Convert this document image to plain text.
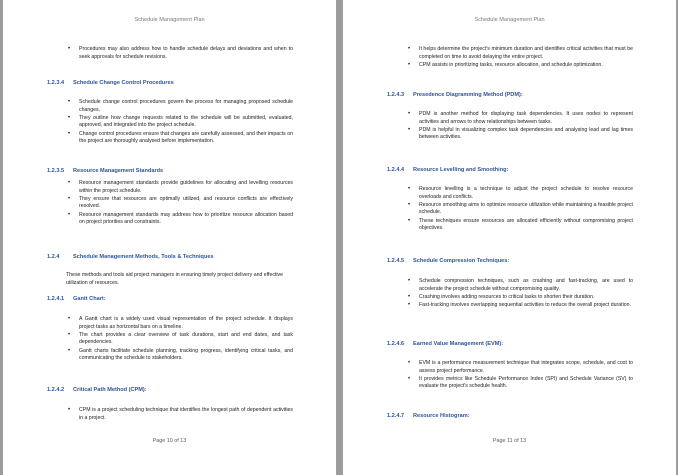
Schedule Management Plan
• Procedures may also address how to handle schedule delays and deviations and when to seek approvals for schedule revisions.
1.2.3.4 Schedule Change Control Procedures
• Schedule change control procedures govern the process for managing proposed schedule changes.
• They outline how change requests related to the schedule will be submitted, evaluated, approved, and integrated into the project schedule.
• Change control procedures ensure that changes are carefully assessed, and their impacts on the project are thoroughly analysed before implementation.
1.2.3.5 Resource Management Standards
• Resource management standards provide guidelines for allocating and levelling resources within the project schedule.
• They ensure that resources are optimally utilized, and resource conflicts are effectively resolved.
• Resource management standards may address how to prioritize resource allocation based on project priorities and constraints.
1.2.4 Schedule Management Methods, Tools & Techniques
These methods and tools aid project managers in ensuring timely project delivery and effective utilization of resources.
1.2.4.1 Gantt Chart:
• A Gantt chart is a widely used visual representation of the project schedule. It displays project tasks as horizontal bars on a timeline.
• The chart provides a clear overview of task durations, start and end dates, and task dependencies.
• Gantt charts facilitate schedule planning, tracking progress, identifying critical tasks, and communicating the schedule to stakeholders.
1.2.4.2 Critical Path Method (CPM):
• CPM is a project scheduling technique that identifies the longest path of dependent activities in a project.
Page 10 of 13
Schedule Management Plan
• It helps determine the project's minimum duration and identifies critical activities that must be completed on time to avoid delaying the entire project.
• CPM assists in prioritizing tasks, resource allocation, and schedule optimization.
1.2.4.3 Presedence Diagramming Method (PDM):
• PDM is another method for displaying task dependencies. It uses nodes to represent activities and arrows to show relationships between tasks.
• PDM is helpful in visualizing complex task dependencies and analysing lead and lag times between activities.
1.2.4.4 Resource Levelling and Smoothing:
• Resource levelling is a technique to adjust the project schedule to resolve resource overloads and conflicts.
• Resource smoothing aims to optimize resource utilization while maintaining a feasible project schedule.
• These techniques ensure resources are allocated efficiently without compromising project objectives.
1.2.4.5 Schedule Compression Techniques:
• Schedule compression techniques, such as crashing and fast-tracking, are used to accelerate the project schedule without compromising quality.
• Crashing involves adding resources to critical tasks to shorten their duration.
• Fast-tracking involves overlapping sequential activities to reduce the overall project duration.
1.2.4.6 Earned Value Management (EVM):
• EVM is a performance measurement technique that integrates scope, schedule, and cost to assess project performance.
• It provides metrics like Schedule Performance Index (SPI) and Schedule Variance (SV) to evaluate the project's schedule health.
1.2.4.7 Resource Histogram:
Page 11 of 13
